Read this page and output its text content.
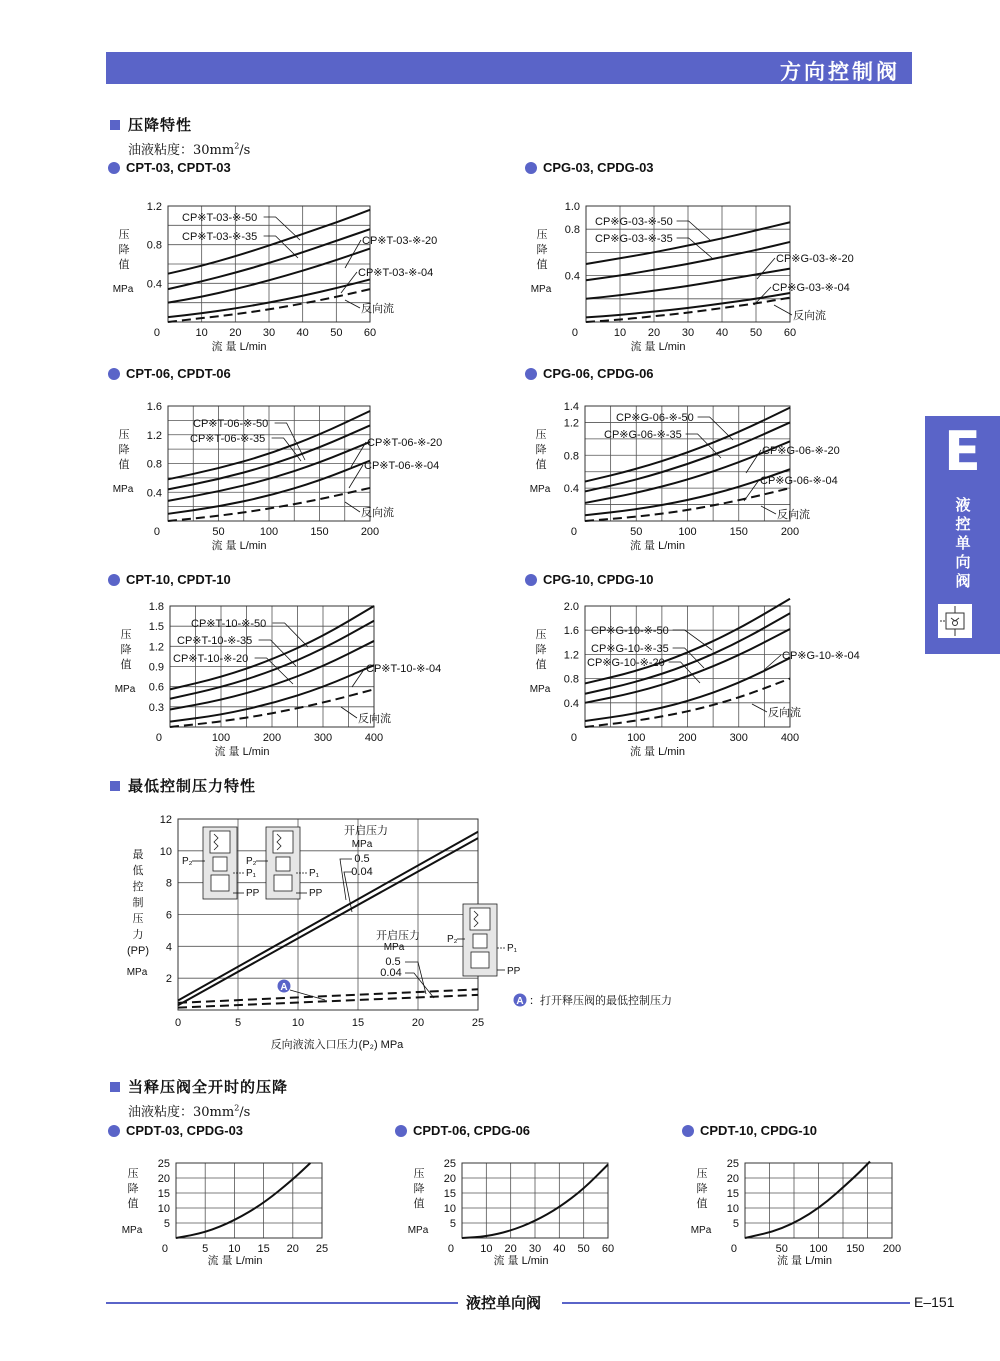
方向控制阀
压降特性
油液粘度：$30mm^2/s$
CPT-03, CPDT-03	CPG-03, CPDG-03
CPT-06, CPDT-06	CPG-06, CPDG-06
CPT-10, CPDT-10	CPG-10, CPDG-10
最低控制压力特性
当释压阀全开时的压降
油液粘度：$30mm^2/s$
CPDT-03, CPDG-03	CPDT-06, CPDG-06	CPDT-10, CPDG-10
0.4
0.8
1.2
10 20 30 40 50 60
0
压
降
值
MPa
流 量 L/min
CP※T-03-※-50
CP※T-03-※-35	CP※T-03-※-20
CP※T-03-※-04
反向流
0.4
0.8
1.0
10 20 30 40 50 60
0
压
降
值
MPa
流 量 L/min
CP※G-03-※-50
CP※G-03-※-35
CP※G-03-※-20
CP※G-03-※-04
反向流
0.4
0.8
1.2
1.6
50	100	150	200
0
压
降
值
MPa
流 量 L/min
CP※T-06-※-50
CP※T-06-※-35	CP※T-06-※-20
CP※T-06-※-04
反向流
0.4
0.8
1.2
1.4
50	100	150	200
0
压
降
值
MPa
流 量 L/min
CP※G-06-※-50
CP※G-06-※-35
CP※G-06-※-20
CP※G-06-※-04
反向流
0.3
0.6
0.9
1.2
1.5
1.8
100	200	300	400
0
压
降
值
MPa
流 量 L/min
CP※T-10-※-50
CP※T-10-※-35
CP※T-10-※-20
CP※T-10-※-04
反向流
0.4
0.8
1.2
1.6
2.0
100	200	300	400
0
压
降
值
MPa
流 量 L/min
CP※G-10-※-50
CP※G-10-※-35
CP※G-10-※-20
CP※G-10-※-04
反向流
2
4
6
8
10
12
0	5	10	15	20	25
最
低
控
制
压
力
(PP)
MPa
反向液流入口压力(P₂) MPa
开启压力
MPa
0.5
0.04
开启压力
MPa
0.5
0.04
A
A ：打开释压阀的最低控制压力
P₂
P₁
PP
P₂
P₁
PP
P₂
P₁
PP
5
10
15
20
25
5 10 15 20 25
0
压
降
值
MPa
流 量 L/min
5
10
15
20
25
10 20 30 40 50 60
0
压
降
值
MPa
流 量 L/min
5
10
15
20
25
50 100 150 200
0
压
降
值
MPa
流 量 L/min
E
液
控
单
向
阀
液控单向阀	E–151
